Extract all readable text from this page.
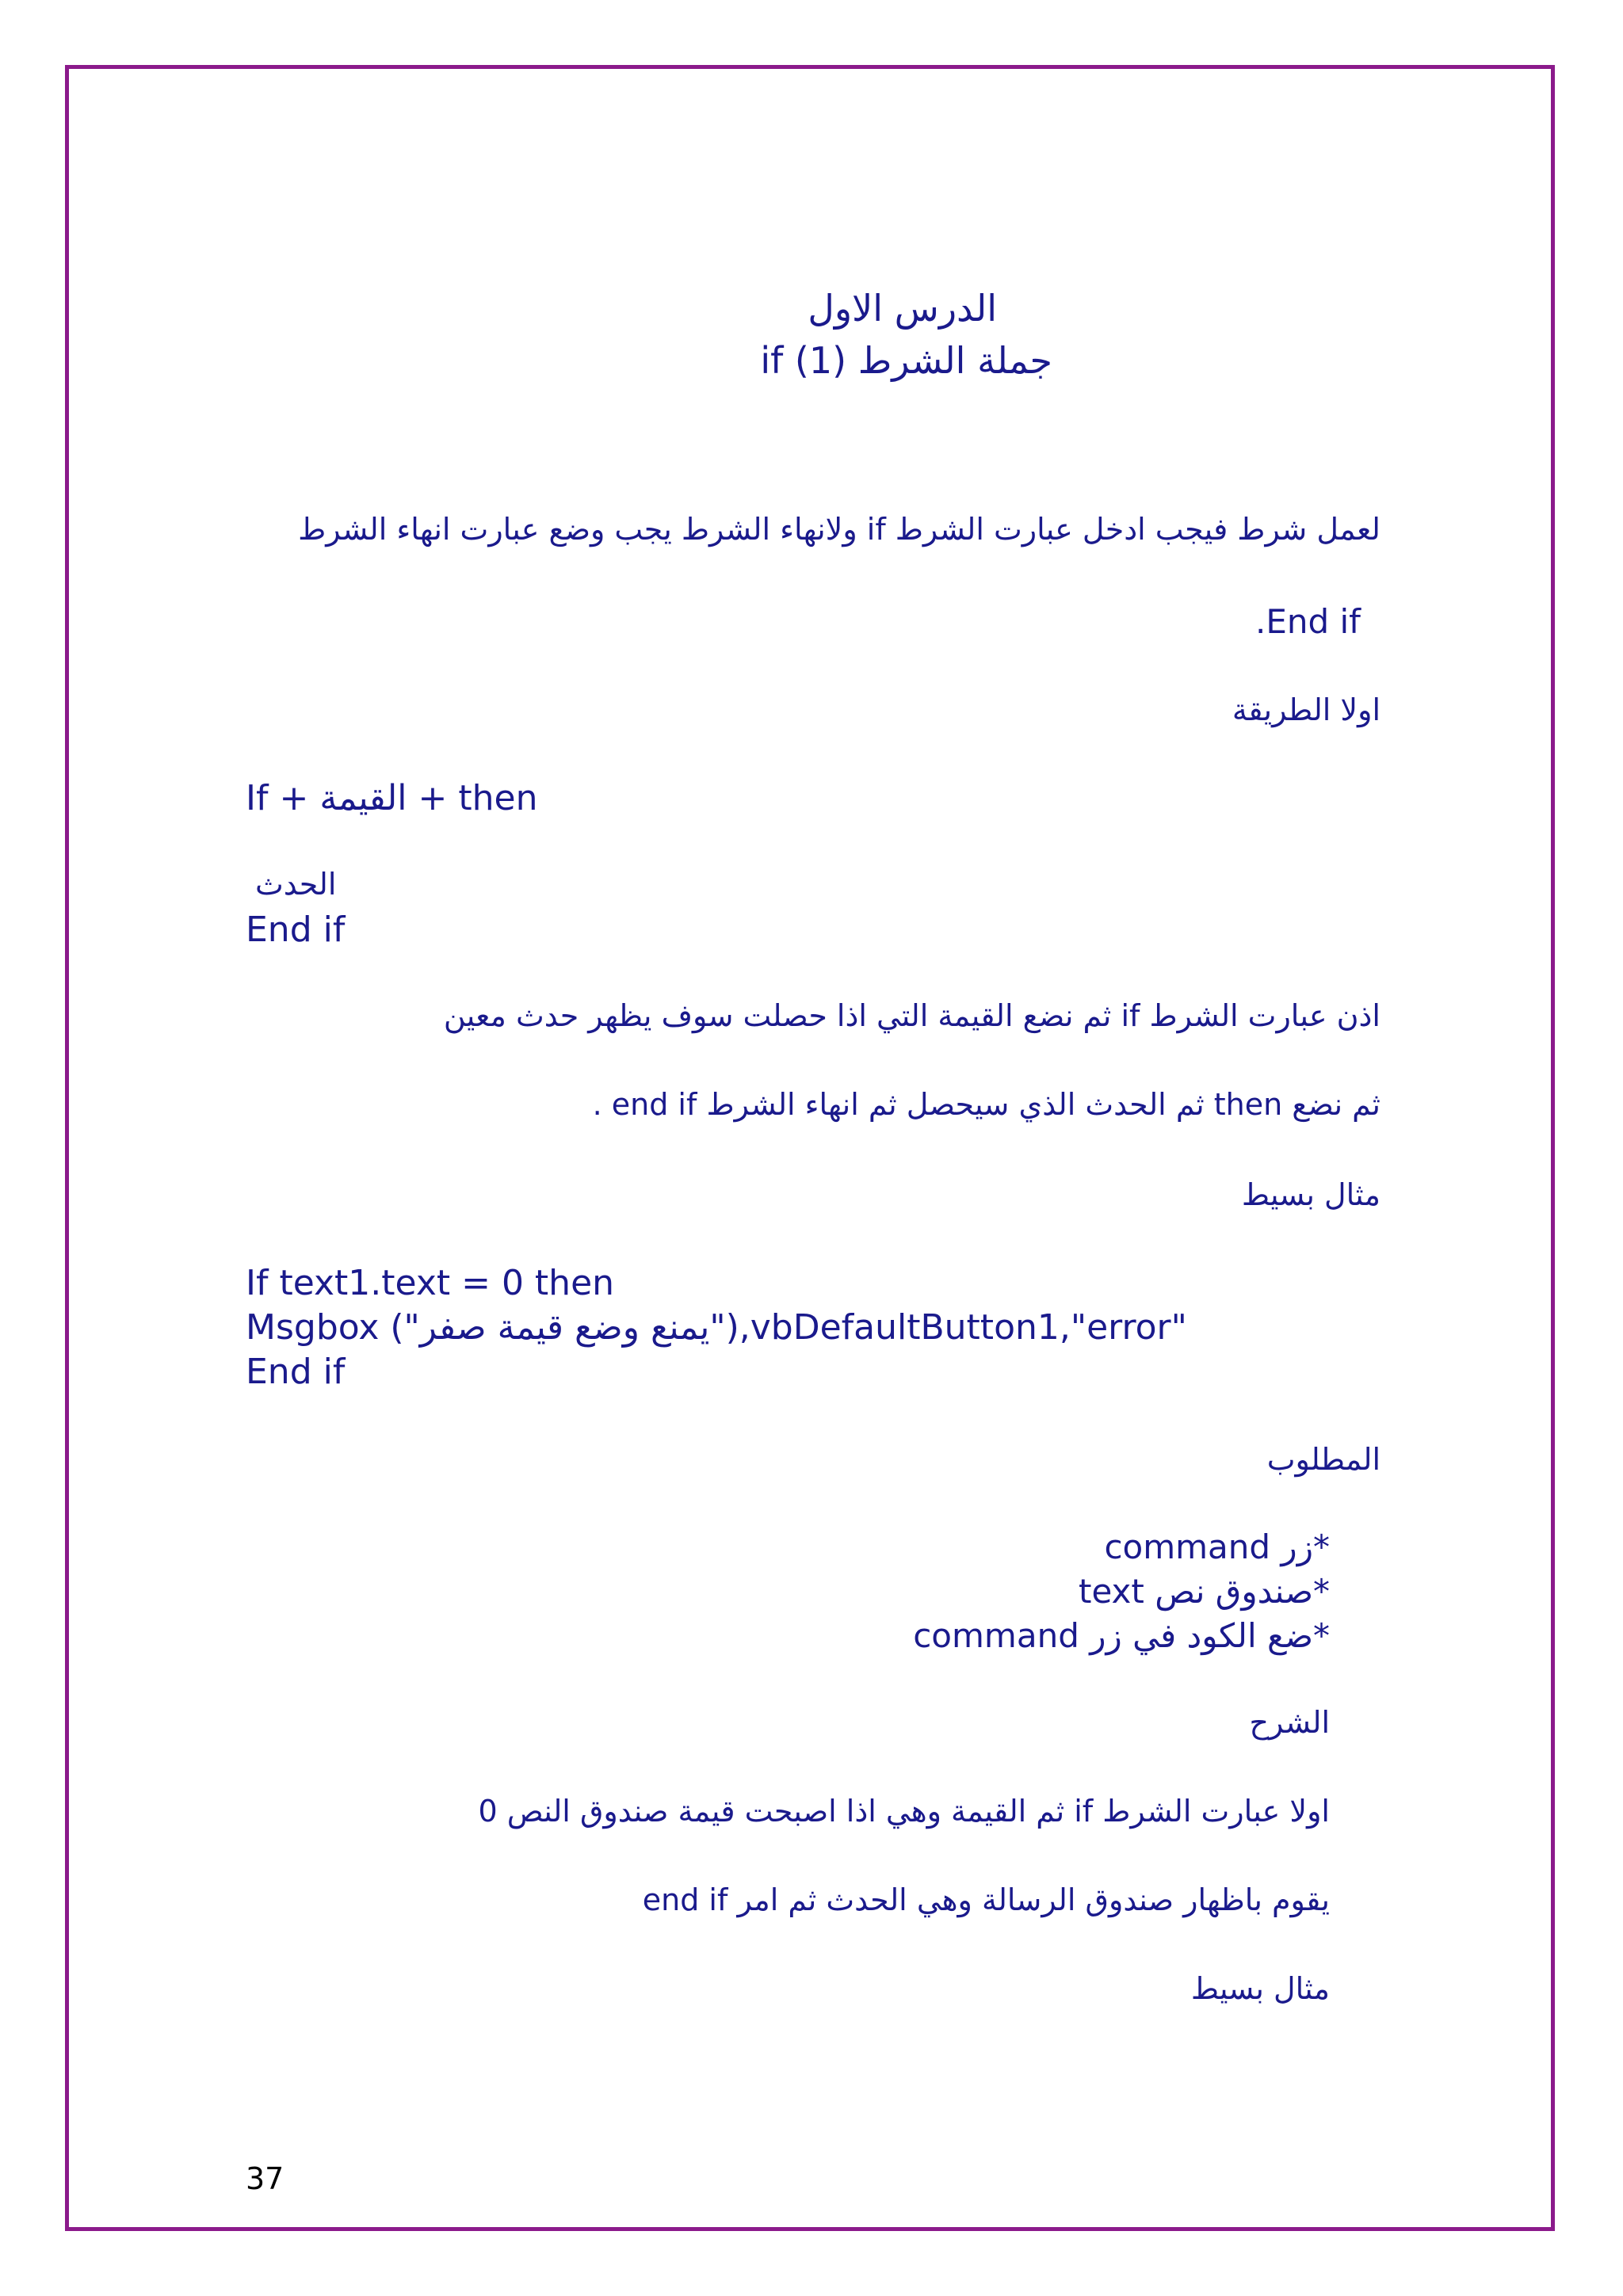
الدرس الاول
جملة الشرط if (1)
لعمل شرط فيجب ادخل عبارت الشرط if ولانهاء الشرط يجب وضع عبارت انهاء الشرط
.End if
اولا الطريقة
If + القيمة + then
الحدث
End if
اذن عبارت الشرط if ثم نضع القيمة التي اذا حصلت سوف يظهر حدث معين
ثم نضع then ثم الحدث الذي سيحصل ثم انهاء الشرط end if .
مثال بسيط
If text1.text = 0 then
Msgbox ("يمنع وضع قيمة صفر"),vbDefaultButton1,"error"
End if
المطلوب
*زر command
*صندوق نص text
*ضع الكود في زر command
الشرح
اولا عبارت الشرط if ثم القيمة وهي اذا اصبحت قيمة صندوق النص 0
يقوم باظهار صندوق الرسالة وهي الحدث ثم امر end if
مثال بسيط
37
